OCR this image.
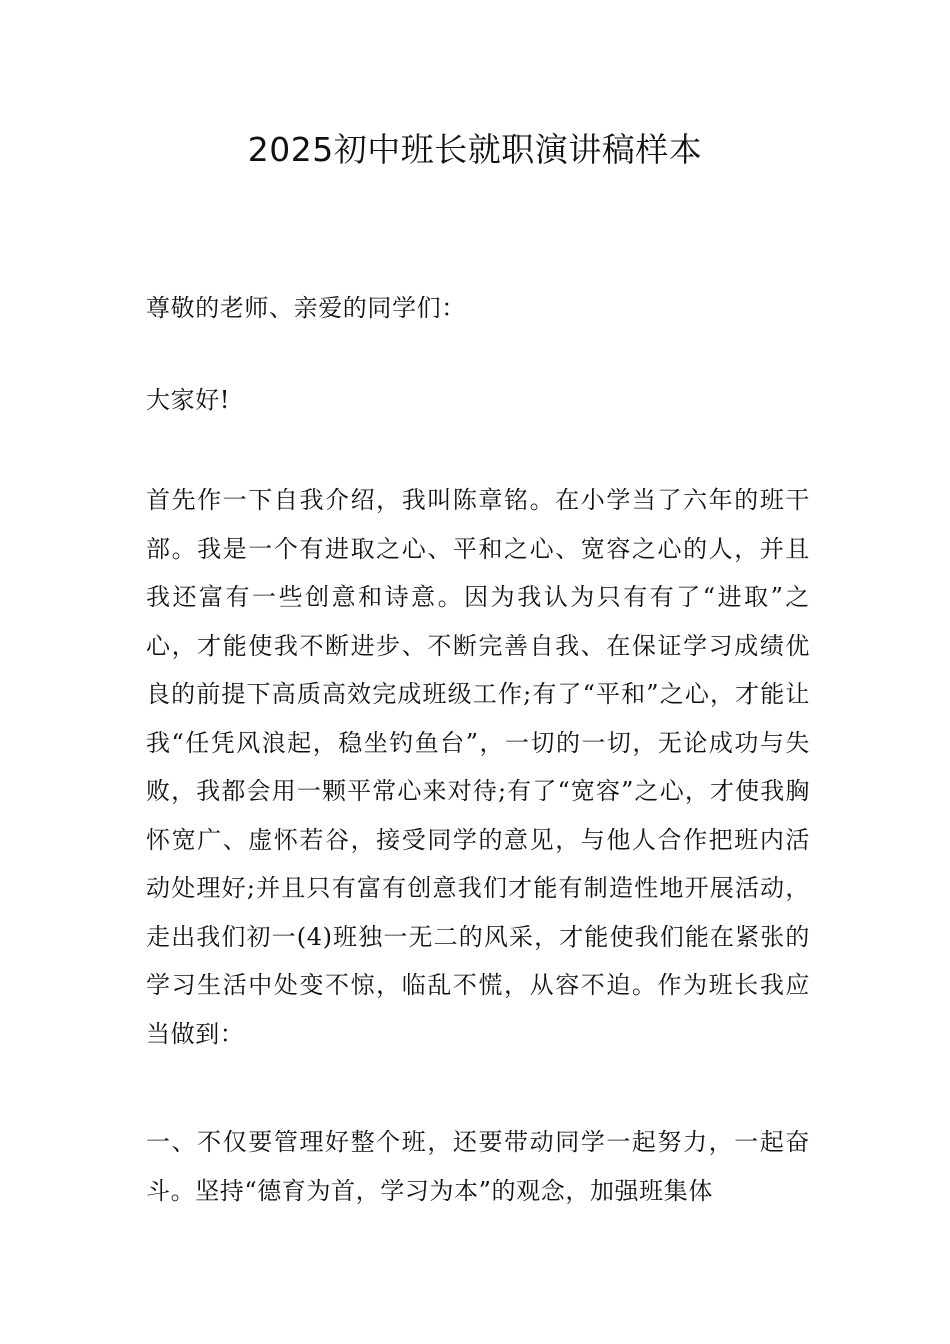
2025初中班长就职演讲稿样本

尊敬的老师、亲爱的同学们：

大家好!

首先作一下自我介绍，我叫陈章铭。在小学当了六年的班干部。我是一个有进取之心、平和之心、宽容之心的人，并且我还富有一些创意和诗意。因为我认为只有有了“进取”之心，才能使我不断进步、不断完善自我、在保证学习成绩优良的前提下高质高效完成班级工作;有了“平和”之心，才能让我“任凭风浪起，稳坐钓鱼台”，一切的一切，无论成功与失败，我都会用一颗平常心来对待;有了“宽容”之心，才使我胸怀宽广、虚怀若谷，接受同学的意见，与他人合作把班内活动处理好;并且只有富有创意我们才能有制造性地开展活动，走出我们初一(4)班独一无二的风采，才能使我们能在紧张的学习生活中处变不惊，临乱不慌，从容不迫。作为班长我应当做到：

一、不仅要管理好整个班，还要带动同学一起努力，一起奋斗。坚持“德育为首，学习为本”的观念，加强班集体
